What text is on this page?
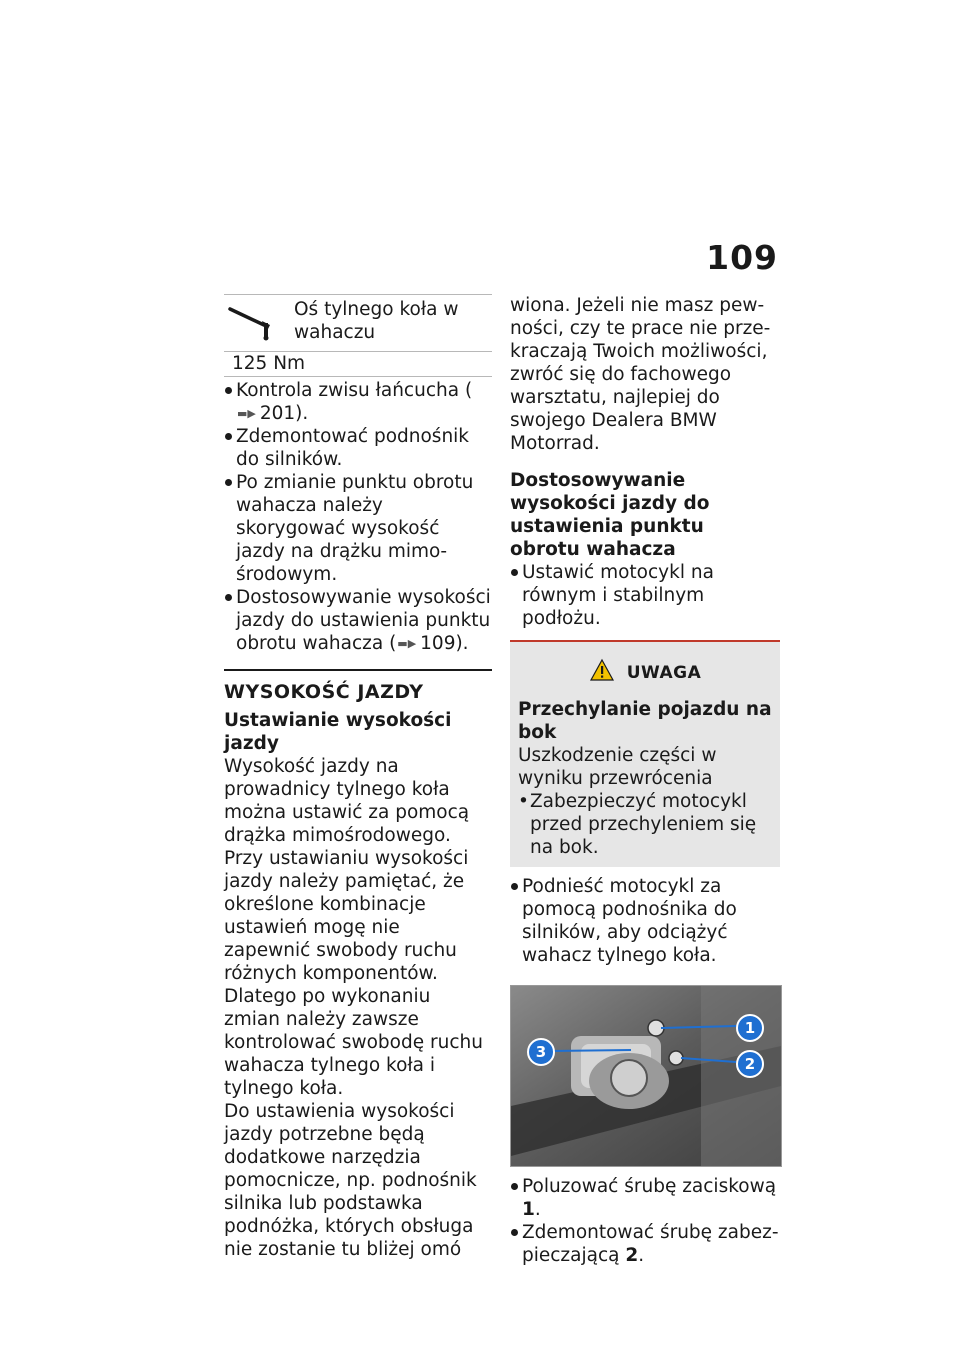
109
Oś tylnego koła w wahaczu

125 Nm
Kontrola zwisu łańcucha (▬▶ 201).
Zdemontować podnośnik do silników.
Po zmianie punktu obrotu wahacza należy skorygować wysokość jazdy na drążku mimośrodowym.
Dostosowywanie wysokości jazdy do ustawienia punktu obrotu wahacza (▬▶ 109).
WYSOKOŚĆ JAZDY
Ustawianie wysokości jazdy

Wysokość jazdy na prowadnicy tylnego koła można ustawić za pomocą drążka mimośrodowego.

Przy ustawianiu wysokości jazdy należy pamiętać, że określone kombinacje ustawień mogę nie zapewnić swobody ruchu różnych komponentów. Dlatego po wykonaniu zmian należy zawsze kontrolować swobodę ruchu wahacza tylnego koła i tylnego koła.

Do ustawienia wysokości jazdy potrzebne będą dodatkowe narzędzia pomocnicze, np. podnośnik silnika lub podstawka podnóżka, których obsługa nie zostanie tu bliżej omó

wiona. Jeżeli nie masz pewności, czy te prace nie przekraczają Twoich możliwości, zwróć się do fachowego warsztatu, najlepiej do swojego Dealera BMW Motorrad.

Dostosowywanie wysokości jazdy do ustawienia punktu obrotu wahacza
Ustawić motocykl na równym i stabilnym podłożu.
UWAGA
Przechylanie pojazdu na bok

Uszkodzenie części w wyniku przewrócenia

• Zabezpieczyć motocykl przed przechyleniem się na bok.
Podnieść motocykl za pomocą podnośnika do silników, aby odciążyć wahacz tylnego koła.
1
2
3
Poluzować śrubę zaciskową 1.
Zdemontować śrubę zabezpieczającą 2.
